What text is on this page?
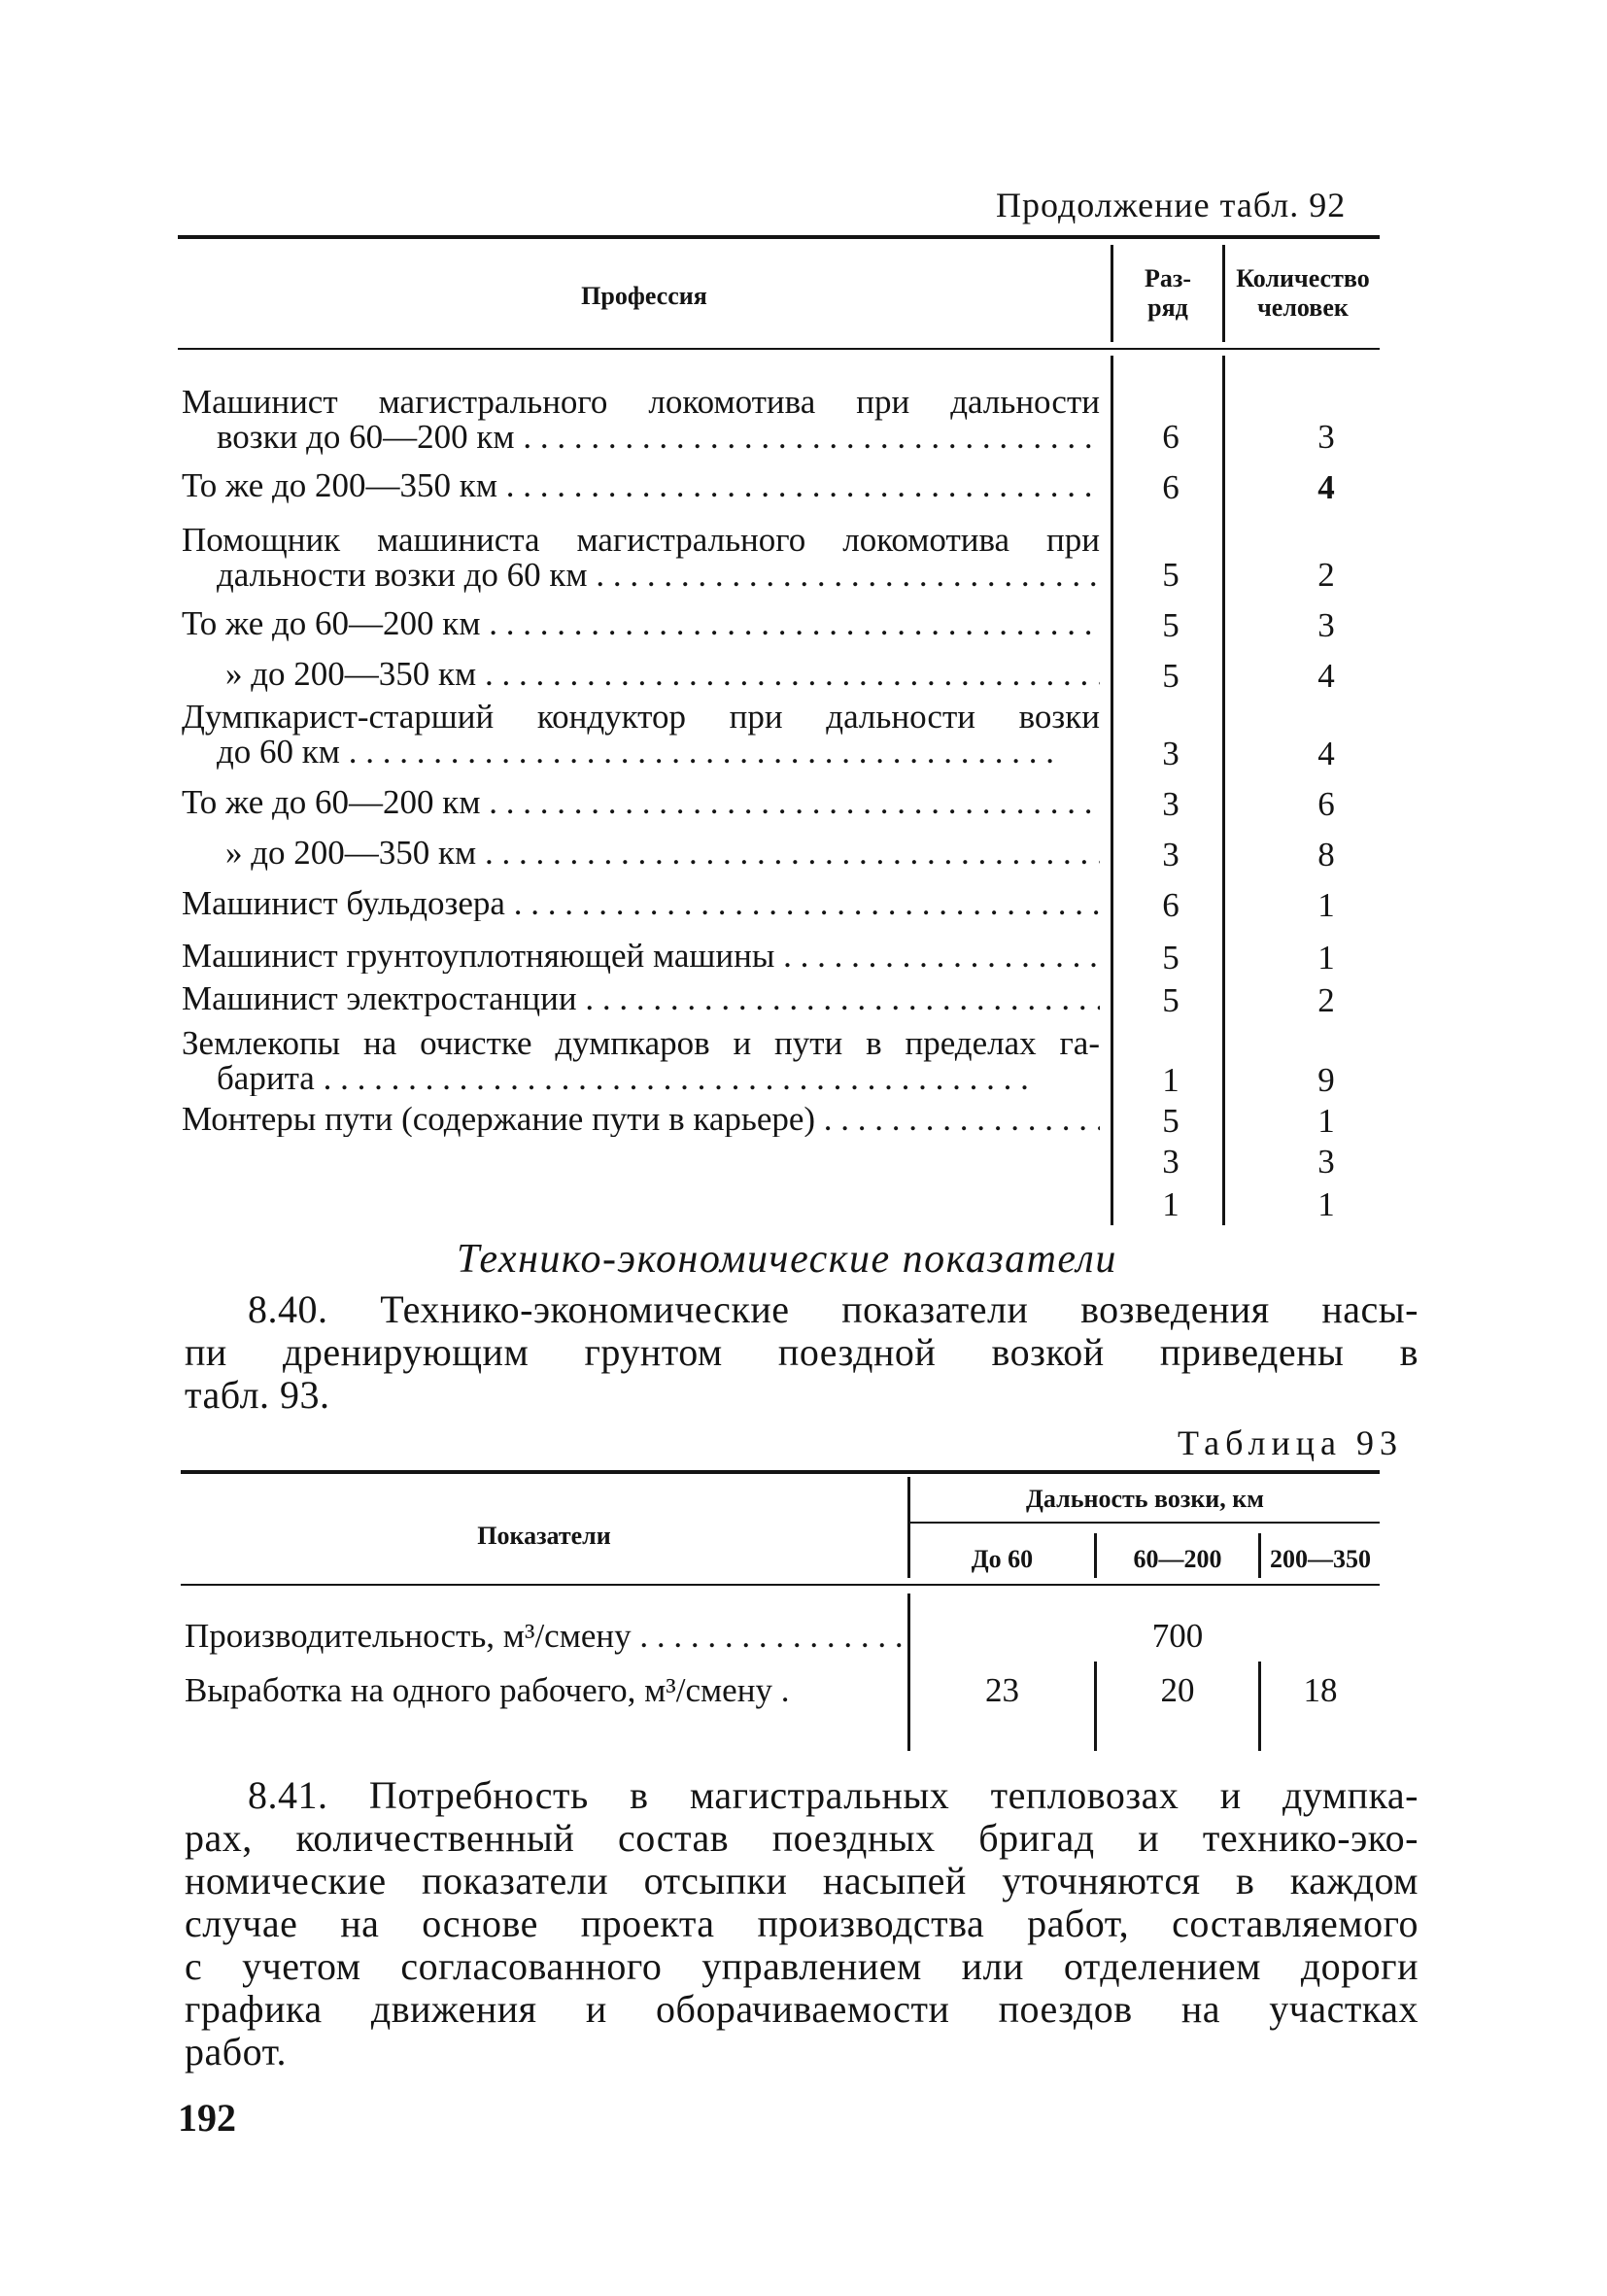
Продолжение табл. 92
Профессия
Раз-
ряд
Количество
человек
Машинист магистрального локомотива при дальности
возки до 60—200 км . . .	6	3
То же до 200—350 км . . .	6	4
Помощник машиниста магистрального локомотива при
дальности возки до 60 км . . .	5	2
То же до 60—200 км . . .	5	3
» до 200—350 км . . .	5	4
Думпкарист-старший кондуктор при дальности возки
до 60 км . . .	3	4
То же до 60—200 км . . .	3	6
» до 200—350 км . . .	3	8
Машинист бульдозера . . .	6	1
Машинист грунтоуплотняющей машины . . .	5	1
Машинист электростанции . . .	5	2
Землекопы на очистке думпкаров и пути в пределах га-
барита . . .	1	9
Монтеры пути (содержание пути в карьере) . . .	5	1
3	3
1	1
Технико-экономические показатели
8.40. Технико-экономические показатели возведения насы-
пи дренирующим грунтом поездной возкой приведены в
табл. 93.
Таблица 93
Показатели
Дальность возки, км
До 60	60—200	200—350
Производительность, м³/смену . . .	700
Выработка на одного рабочего, м³/смену .	23	20	18
8.41. Потребность в магистральных тепловозах и думпка-
рах, количественный состав поездных бригад и технико-эко-
номические показатели отсыпки насыпей уточняются в каждом
случае на основе проекта производства работ, составляемого
с учетом согласованного управлением или отделением дороги
графика движения и оборачиваемости поездов на участках
работ.
192
